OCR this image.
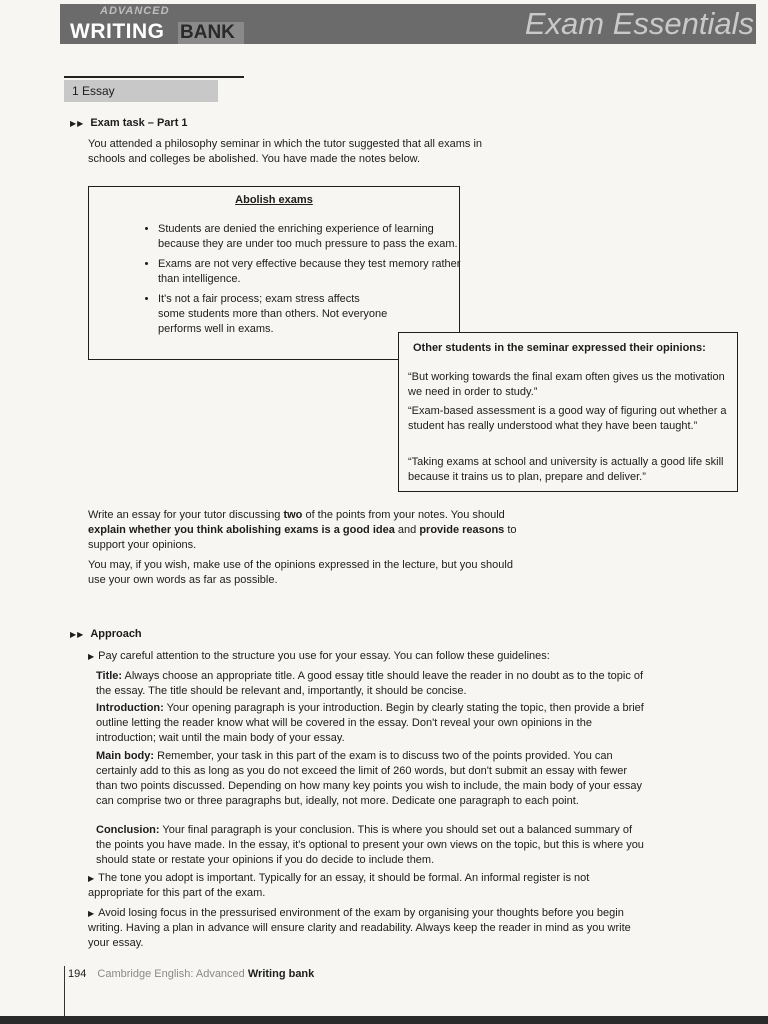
ADVANCED
WRITING BANK	Exam Essentials
1 Essay
▶▶ Exam task – Part 1
You attended a philosophy seminar in which the tutor suggested that all exams in
schools and colleges be abolished. You have made the notes below.
Abolish exams
• Students are denied the enriching experience of learning because they are under too much pressure to pass the exam.
• Exams are not very effective because they test memory rather than intelligence.
• It's not a fair process; exam stress affects some students more than others. Not everyone performs well in exams.
Other students in the seminar expressed their opinions:
“But working towards the final exam often gives us the motivation we need in order to study.”
“Exam-based assessment is a good way of figuring out whether a student has really understood what they have been taught.”
“Taking exams at school and university is actually a good life skill because it trains us to plan, prepare and deliver.”
Write an essay for your tutor discussing two of the points from your notes. You should
explain whether you think abolishing exams is a good idea and provide reasons to
support your opinions.
You may, if you wish, make use of the opinions expressed in the lecture, but you should
use your own words as far as possible.
▶▶ Approach
▶ Pay careful attention to the structure you use for your essay. You can follow these guidelines:
Title: Always choose an appropriate title. A good essay title should leave the reader in no doubt as to the topic of the essay. The title should be relevant and, importantly, it should be concise.
Introduction: Your opening paragraph is your introduction. Begin by clearly stating the topic, then provide a brief outline letting the reader know what will be covered in the essay. Don't reveal your own opinions in the introduction; wait until the main body of your essay.
Main body: Remember, your task in this part of the exam is to discuss two of the points provided. You can certainly add to this as long as you do not exceed the limit of 260 words, but don't submit an essay with fewer than two points discussed. Depending on how many key points you wish to include, the main body of your essay can comprise two or three paragraphs but, ideally, not more. Dedicate one paragraph to each point.
Conclusion: Your final paragraph is your conclusion. This is where you should set out a balanced summary of the points you have made. In the essay, it's optional to present your own views on the topic, but this is where you should state or restate your opinions if you do decide to include them.
▶ The tone you adopt is important. Typically for an essay, it should be formal. An informal register is not appropriate for this part of the exam.
▶ Avoid losing focus in the pressurised environment of the exam by organising your thoughts before you begin writing. Having a plan in advance will ensure clarity and readability. Always keep the reader in mind as you write your essay.
194 Cambridge English: Advanced Writing bank
